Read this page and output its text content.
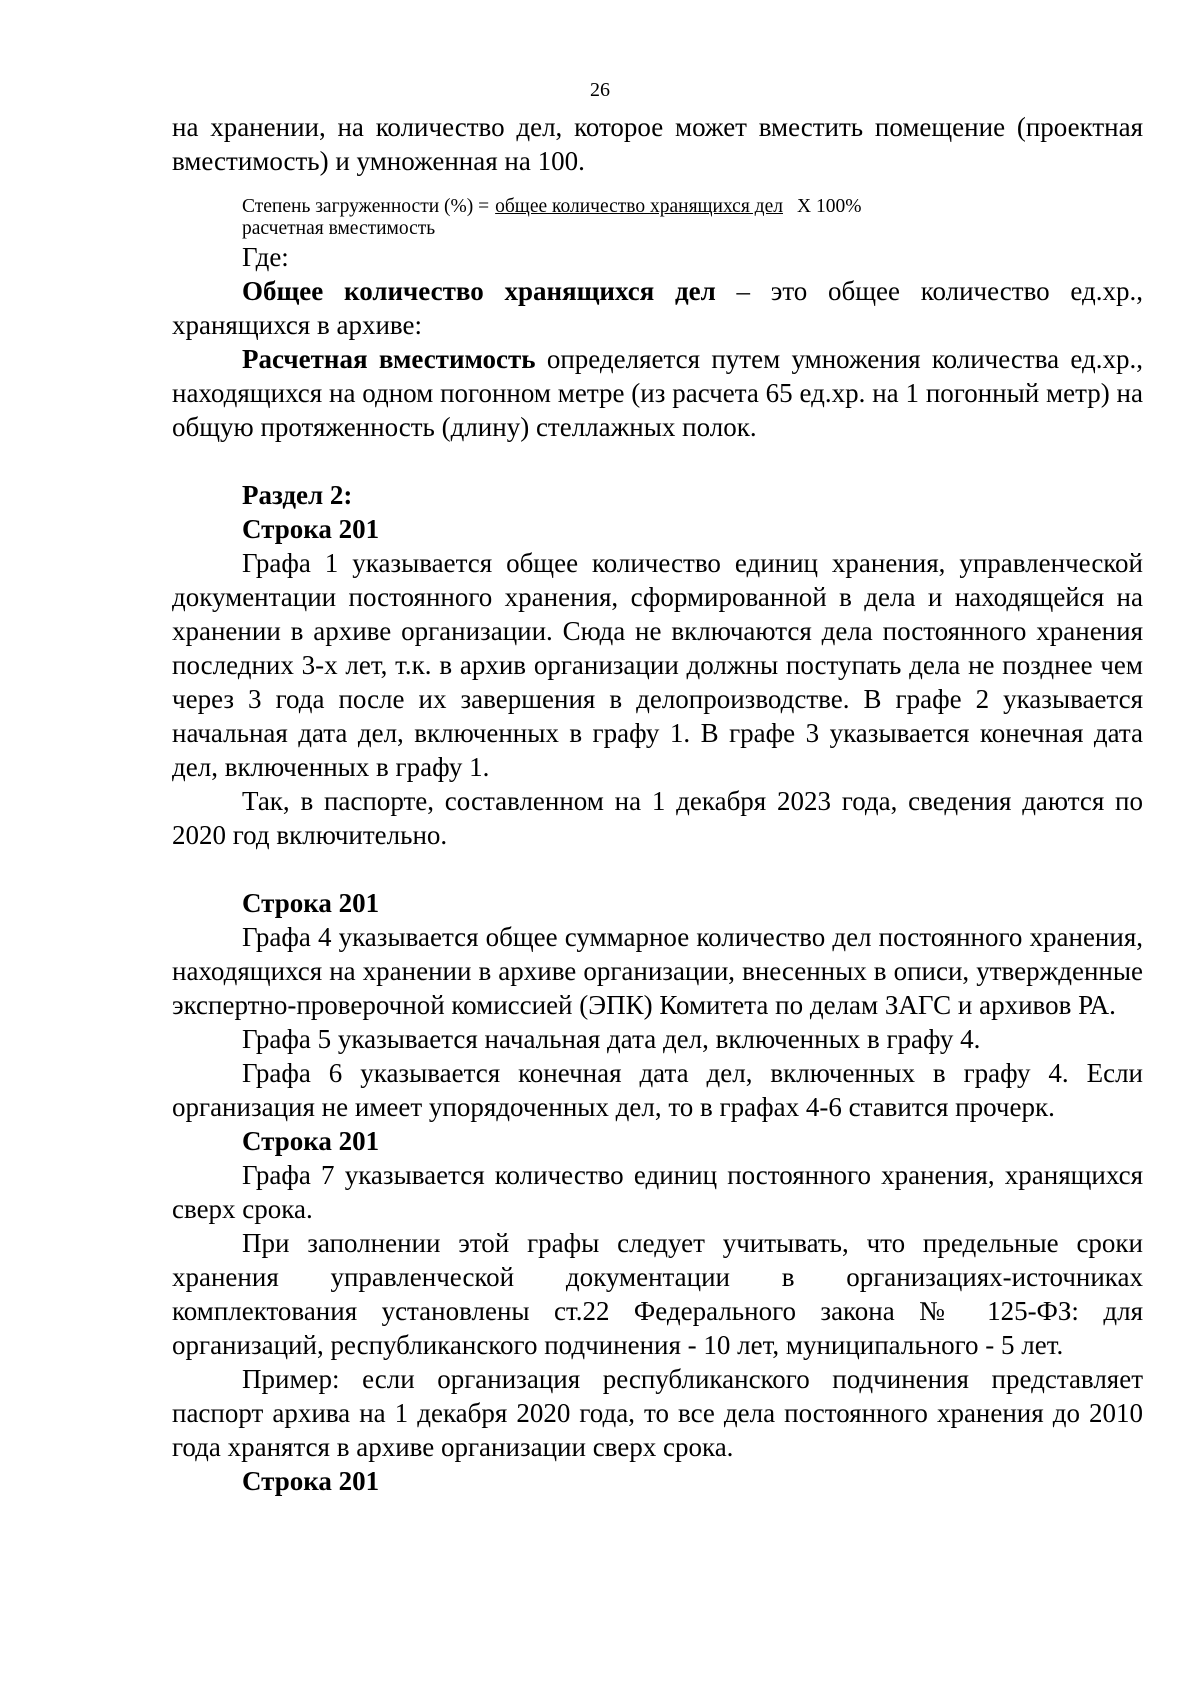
26

на хранении, на количество дел, которое может вместить помещение (проектная вместимость) и умноженная на 100.

Степень загруженности (%) = общее количество хранящихся дел Х 100%
расчетная вместимость

Где:

Общее количество хранящихся дел – это общее количество ед.хр., хранящихся в архиве:

Расчетная вместимость определяется путем умножения количества ед.хр., находящихся на одном погонном метре (из расчета 65 ед.хр. на 1 погонный метр) на общую протяженность (длину) стеллажных полок.

Раздел 2:

Строка 201

Графа 1 указывается общее количество единиц хранения, управленческой документации постоянного хранения, сформированной в дела и находящейся на хранении в архиве организации. Сюда не включаются дела постоянного хранения последних 3-х лет, т.к. в архив организации должны поступать дела не позднее чем через 3 года после их завершения в делопроизводстве. В графе 2 указывается начальная дата дел, включенных в графу 1. В графе 3 указывается конечная дата дел, включенных в графу 1.

Так, в паспорте, составленном на 1 декабря 2023 года, сведения даются по 2020 год включительно.

Строка 201

Графа 4 указывается общее суммарное количество дел постоянного хранения, находящихся на хранении в архиве организации, внесенных в описи, утвержденные экспертно-проверочной комиссией (ЭПК) Комитета по делам ЗАГС и архивов РА.

Графа 5 указывается начальная дата дел, включенных в графу 4.

Графа 6 указывается конечная дата дел, включенных в графу 4. Если организация не имеет упорядоченных дел, то в графах 4-6 ставится прочерк.

Строка 201

Графа 7 указывается количество единиц постоянного хранения, хранящихся сверх срока.

При заполнении этой графы следует учитывать, что предельные сроки хранения управленческой документации в организациях-источниках комплектования установлены ст.22 Федерального закона № 125-ФЗ: для организаций, республиканского подчинения - 10 лет, муниципального - 5 лет.

Пример: если организация республиканского подчинения представляет паспорт архива на 1 декабря 2020 года, то все дела постоянного хранения до 2010 года хранятся в архиве организации сверх срока.

Строка 201
